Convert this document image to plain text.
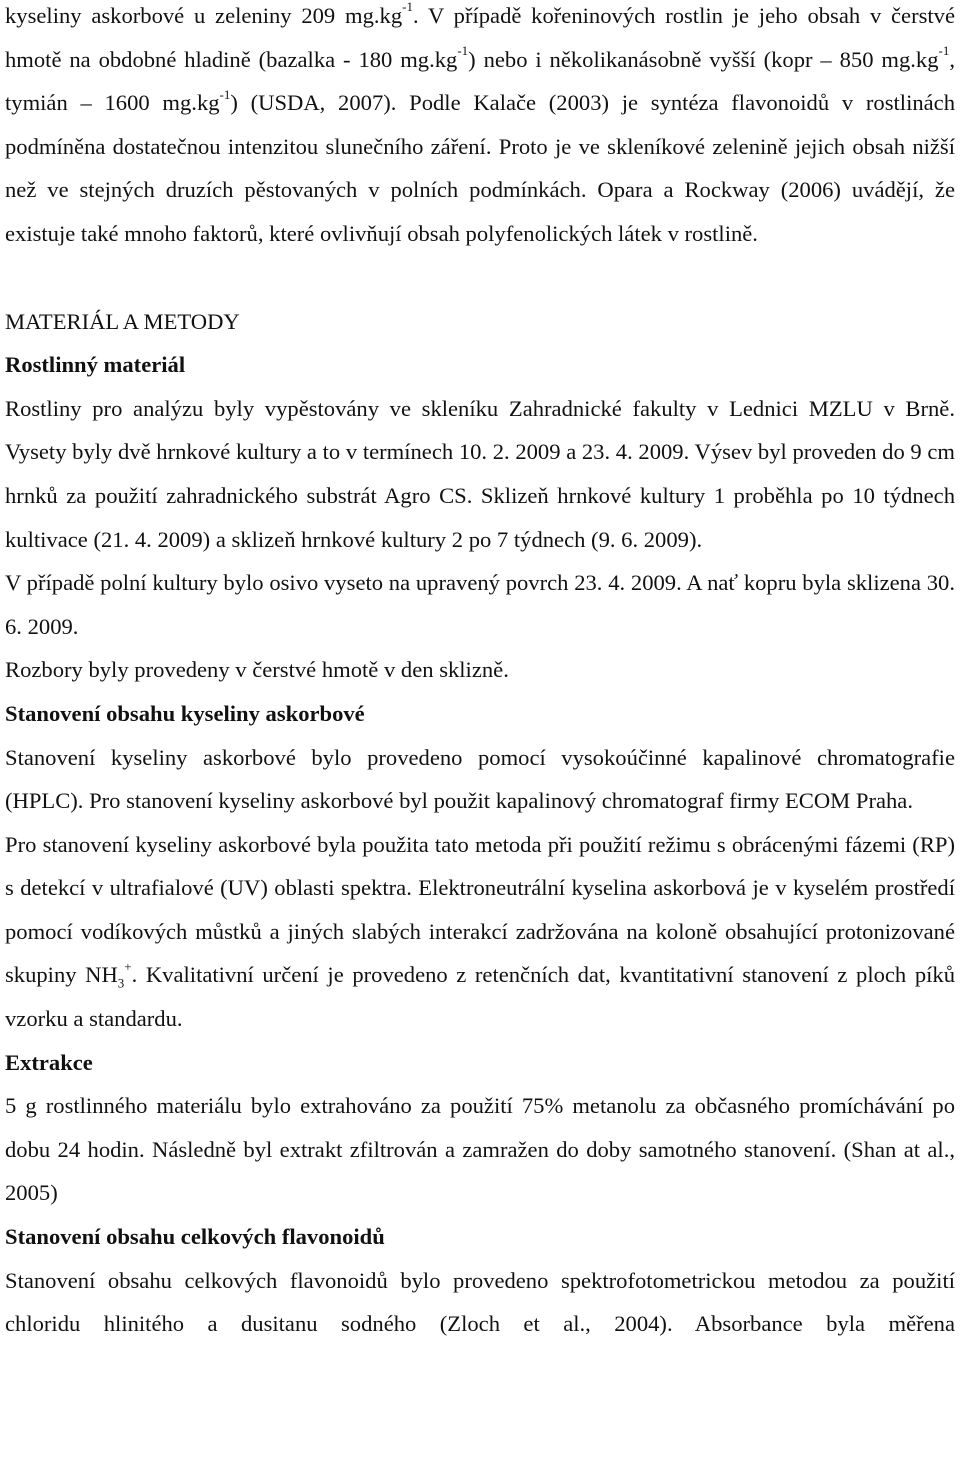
kyseliny askorbové u zeleniny 209 $mg.kg^{-1}$. V případě kořeninových rostlin je jeho obsah v čerstvé hmotě na obdobné hladině (bazalka - 180 $mg.kg^{-1}$) nebo i několikanásobně vyšší (kopr – 850 $mg.kg^{-1}$, tymián – 1600 $mg.kg^{-1}$) (USDA, 2007). Podle Kalače (2003) je syntéza flavonoidů v rostlinách podmíněna dostatečnou intenzitou slunečního záření. Proto je ve skleníkové zelenině jejich obsah nižší než ve stejných druzích pěstovaných v polních podmínkách. Opara a Rockway (2006) uvádějí, že existuje také mnoho faktorů, které ovlivňují obsah polyfenolických látek v rostlině.

MATERIÁL A METODY

Rostlinný materiál

Rostliny pro analýzu byly vypěstovány ve skleníku Zahradnické fakulty v Lednici MZLU v Brně. Vysety byly dvě hrnkové kultury a to v termínech 10. 2. 2009 a 23. 4. 2009. Výsev byl proveden do 9 cm hrnků za použití zahradnického substrát Agro CS. Sklizeň hrnkové kultury 1 proběhla po 10 týdnech kultivace (21. 4. 2009) a sklizeň hrnkové kultury 2 po 7 týdnech (9. 6. 2009).

V případě polní kultury bylo osivo vyseto na upravený povrch 23. 4. 2009. A nať kopru byla sklizena 30. 6. 2009.

Rozbory byly provedeny v čerstvé hmotě v den sklizně.

Stanovení obsahu kyseliny askorbové

Stanovení kyseliny askorbové bylo provedeno pomocí vysokoúčinné kapalinové chromatografie (HPLC). Pro stanovení kyseliny askorbové byl použit kapalinový chromatograf firmy ECOM Praha.

Pro stanovení kyseliny askorbové byla použita tato metoda při použití režimu s obrácenými fázemi (RP) s detekcí v ultrafialové (UV) oblasti spektra. Elektroneutrální kyselina askorbová je v kyselém prostředí pomocí vodíkových můstků a jiných slabých interakcí zadržována na koloně obsahující protonizované skupiny $NH_3^+$. Kvalitativní určení je provedeno z retenčních dat, kvantitativní stanovení z ploch píků vzorku a standardu.

Extrakce

5 g rostlinného materiálu bylo extrahováno za použití 75% metanolu za občasného promíchávání po dobu 24 hodin. Následně byl extrakt zfiltrován a zamražen do doby samotného stanovení. (Shan at al., 2005)

Stanovení obsahu celkových flavonoidů

Stanovení obsahu celkových flavonoidů bylo provedeno spektrofotometrickou metodou za použití chloridu hlinitého a dusitanu sodného (Zloch et al., 2004). Absorbance byla měřena
